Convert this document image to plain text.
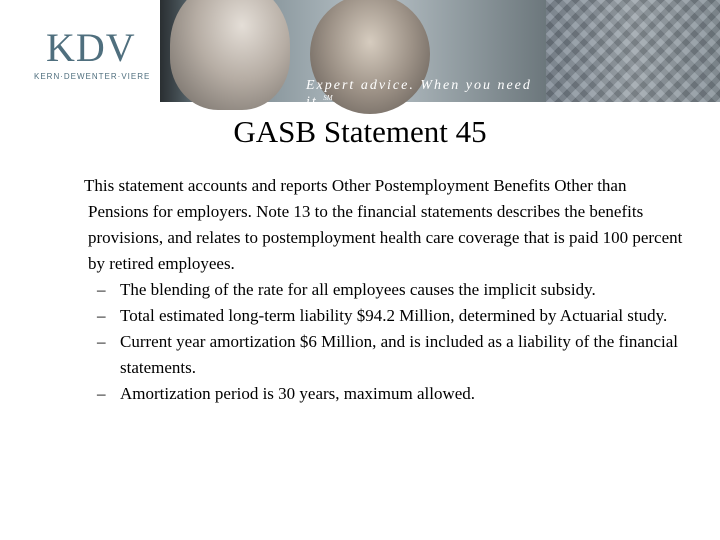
KDV
KERN·DEWENTER·VIERE
Expert advice. When you need it.℠
GASB Statement 45

This statement accounts and reports Other Postemployment Benefits Other than Pensions for employers. Note 13 to the financial statements describes the benefits provisions, and relates to postemployment health care coverage that is paid 100 percent by retired employees.

– The blending of the rate for all employees causes the implicit subsidy.
– Total estimated long-term liability $94.2 Million, determined by Actuarial study.
– Current year amortization $6 Million, and is included as a liability of the financial statements.
– Amortization period is 30 years, maximum allowed.
